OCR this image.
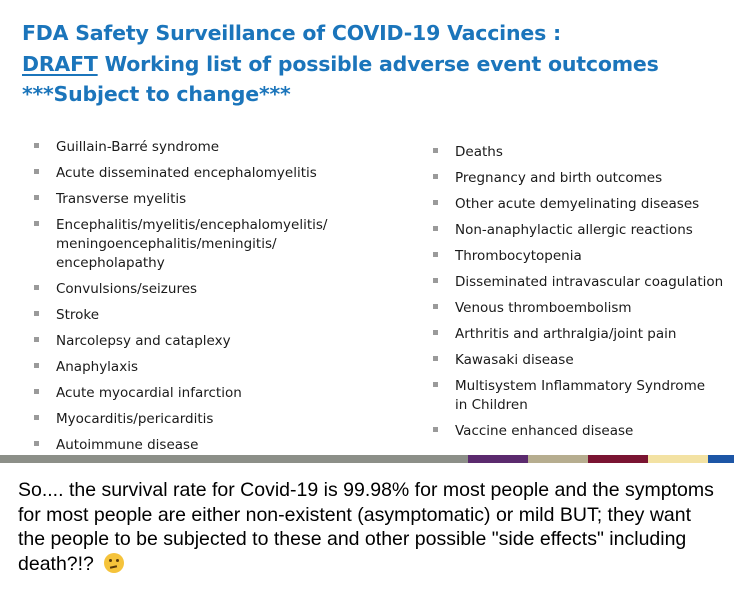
FDA Safety Surveillance of COVID-19 Vaccines :
DRAFT Working list of possible adverse event outcomes
***Subject to change***
Guillain-Barré syndrome
Acute disseminated encephalomyelitis
Transverse myelitis
Encephalitis/myelitis/encephalomyelitis/ meningoencephalitis/meningitis/ encepholapathy
Convulsions/seizures
Stroke
Narcolepsy and cataplexy
Anaphylaxis
Acute myocardial infarction
Myocarditis/pericarditis
Autoimmune disease
Deaths
Pregnancy and birth outcomes
Other acute demyelinating diseases
Non-anaphylactic allergic reactions
Thrombocytopenia
Disseminated intravascular coagulation
Venous thromboembolism
Arthritis and arthralgia/joint pain
Kawasaki disease
Multisystem Inflammatory Syndrome in Children
Vaccine enhanced disease
So.... the survival rate for Covid-19 is 99.98% for most people and the symptoms for most people are either non-existent (asymptomatic) or mild BUT; they want the people to be subjected to these and other possible "side effects" including death?!?
